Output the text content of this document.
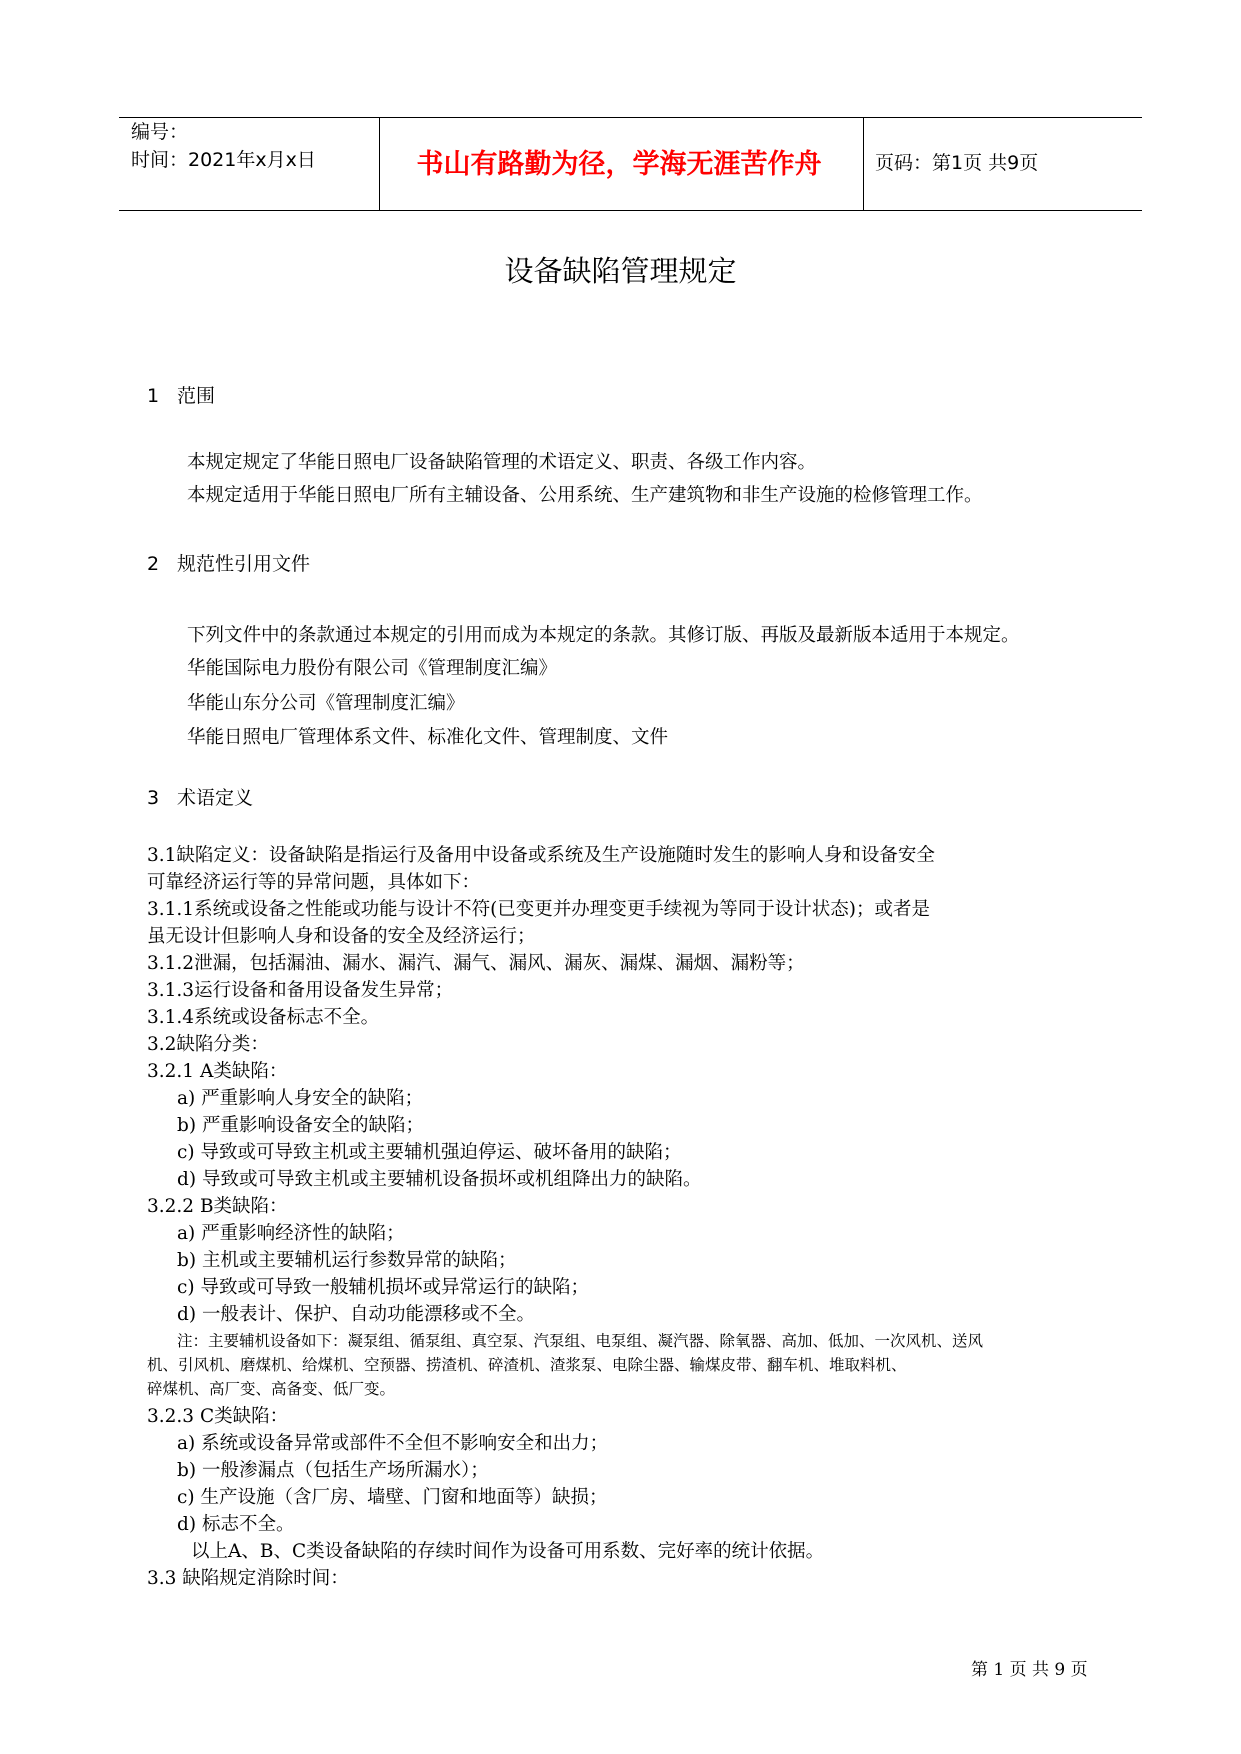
编号：
时间：2021年x月x日	书山有路勤为径，学海无涯苦作舟	页码：第1页 共9页
设备缺陷管理规定
1 范围
本规定规定了华能日照电厂设备缺陷管理的术语定义、职责、各级工作内容。
本规定适用于华能日照电厂所有主辅设备、公用系统、生产建筑物和非生产设施的检修管理工作。
2 规范性引用文件
下列文件中的条款通过本规定的引用而成为本规定的条款。其修订版、再版及最新版本适用于本规定。
华能国际电力股份有限公司《管理制度汇编》
华能山东分公司《管理制度汇编》
华能日照电厂管理体系文件、标准化文件、管理制度、文件
3 术语定义
3.1缺陷定义：设备缺陷是指运行及备用中设备或系统及生产设施随时发生的影响人身和设备安全
可靠经济运行等的异常问题，具体如下：
3.1.1系统或设备之性能或功能与设计不符(已变更并办理变更手续视为等同于设计状态)；或者是
虽无设计但影响人身和设备的安全及经济运行；
3.1.2泄漏，包括漏油、漏水、漏汽、漏气、漏风、漏灰、漏煤、漏烟、漏粉等；
3.1.3运行设备和备用设备发生异常；
3.1.4系统或设备标志不全。
3.2缺陷分类：
3.2.1 A类缺陷：
a) 严重影响人身安全的缺陷；
b) 严重影响设备安全的缺陷；
c) 导致或可导致主机或主要辅机强迫停运、破坏备用的缺陷；
d) 导致或可导致主机或主要辅机设备损坏或机组降出力的缺陷。
3.2.2 B类缺陷：
a) 严重影响经济性的缺陷；
b) 主机或主要辅机运行参数异常的缺陷；
c) 导致或可导致一般辅机损坏或异常运行的缺陷；
d) 一般表计、保护、自动功能漂移或不全。
注：主要辅机设备如下：凝泵组、循泵组、真空泵、汽泵组、电泵组、凝汽器、除氧器、高加、低加、一次风机、送风
机、引风机、磨煤机、给煤机、空预器、捞渣机、碎渣机、渣浆泵、电除尘器、输煤皮带、翻车机、堆取料机、
碎煤机、高厂变、高备变、低厂变。
3.2.3 C类缺陷：
a) 系统或设备异常或部件不全但不影响安全和出力；
b) 一般渗漏点（包括生产场所漏水）；
c) 生产设施（含厂房、墙壁、门窗和地面等）缺损；
d) 标志不全。
以上A、B、C类设备缺陷的存续时间作为设备可用系数、完好率的统计依据。
3.3 缺陷规定消除时间：
第 1 页 共 9 页
